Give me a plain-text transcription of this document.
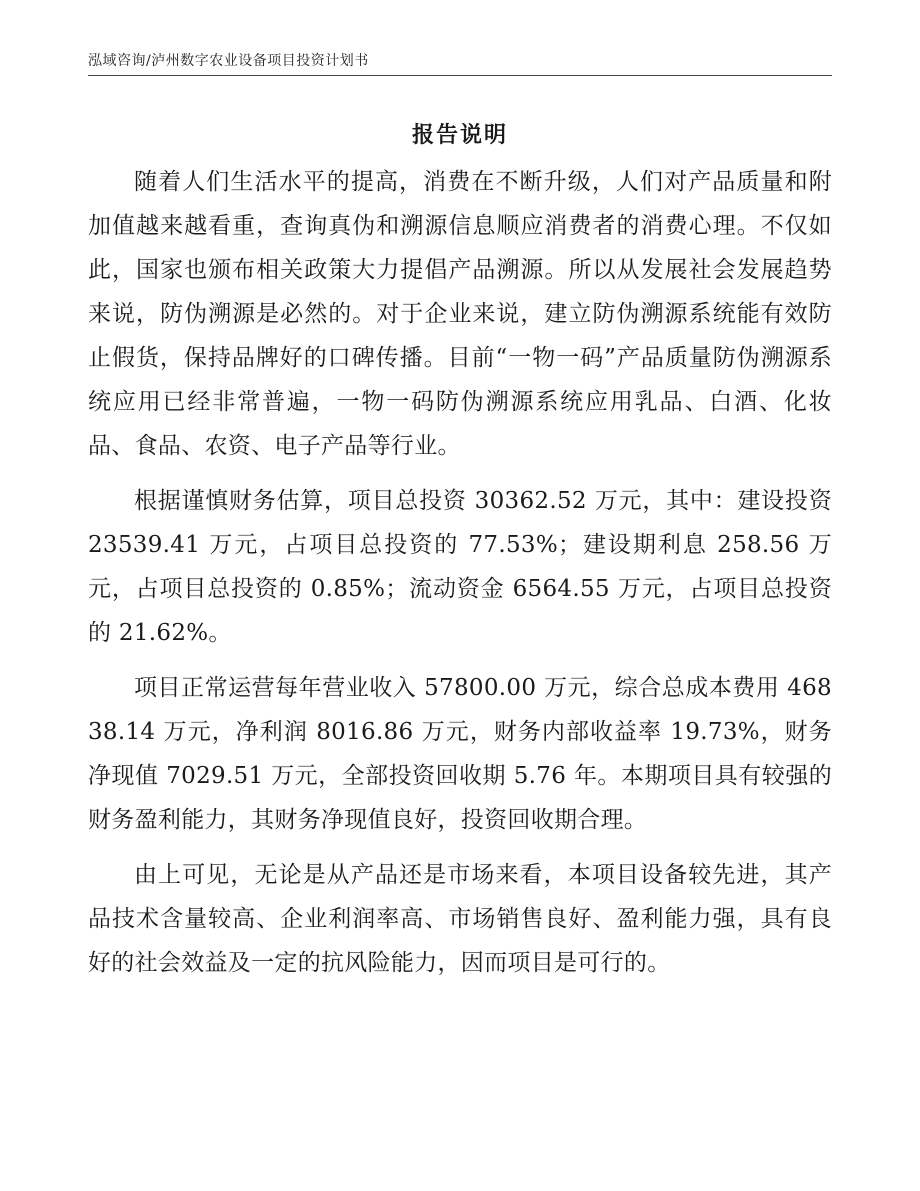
泓域咨询/泸州数字农业设备项目投资计划书
报告说明

随着人们生活水平的提高，消费在不断升级，人们对产品质量和附加值越来越看重，查询真伪和溯源信息顺应消费者的消费心理。不仅如此，国家也颁布相关政策大力提倡产品溯源。所以从发展社会发展趋势来说，防伪溯源是必然的。对于企业来说，建立防伪溯源系统能有效防止假货，保持品牌好的口碑传播。目前“一物一码”产品质量防伪溯源系统应用已经非常普遍，一物一码防伪溯源系统应用乳品、白酒、化妆品、食品、农资、电子产品等行业。

根据谨慎财务估算，项目总投资 30362.52 万元，其中：建设投资 23539.41 万元，占项目总投资的 77.53%；建设期利息 258.56 万元，占项目总投资的 0.85%；流动资金 6564.55 万元，占项目总投资的 21.62%。

项目正常运营每年营业收入 57800.00 万元，综合总成本费用 46838.14 万元，净利润 8016.86 万元，财务内部收益率 19.73%，财务净现值 7029.51 万元，全部投资回收期 5.76 年。本期项目具有较强的财务盈利能力，其财务净现值良好，投资回收期合理。

由上可见，无论是从产品还是市场来看，本项目设备较先进，其产品技术含量较高、企业利润率高、市场销售良好、盈利能力强，具有良好的社会效益及一定的抗风险能力，因而项目是可行的。
